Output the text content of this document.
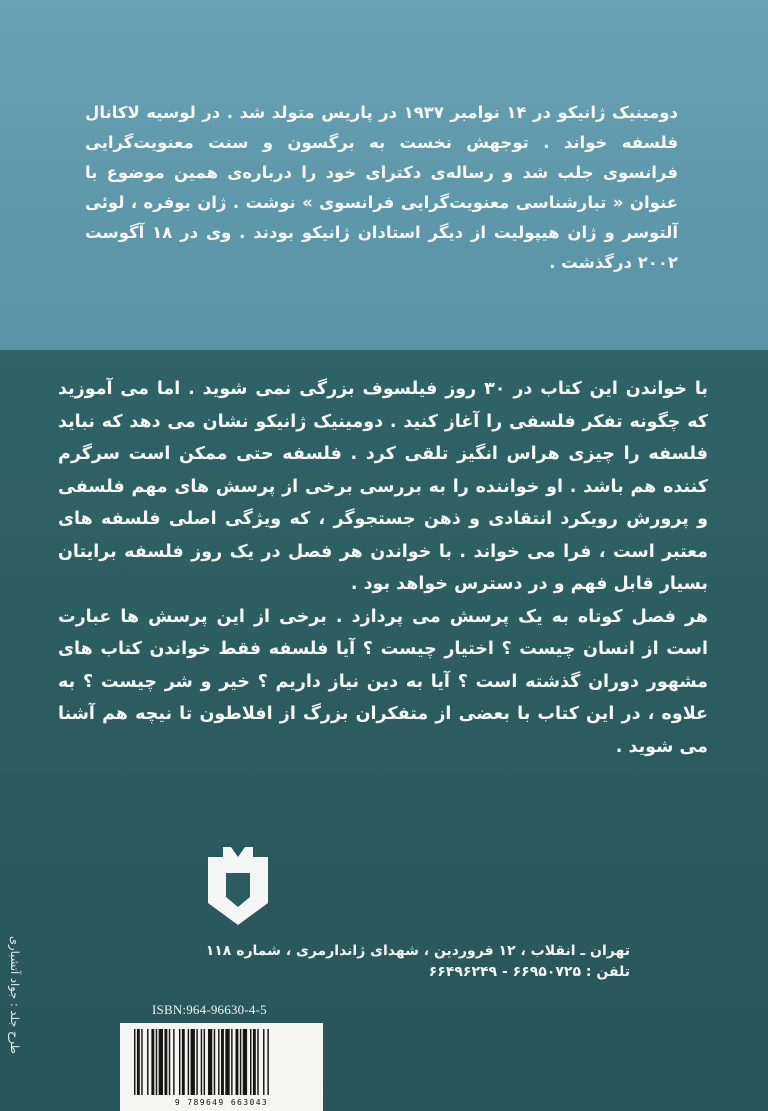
دومینیک ژانیکو در ۱۴ نوامبر ۱۹۳۷ در پاریس متولد شد . در لوسیه لاکانال فلسفه خواند . توجهش نخست به برگسون و سنت معنویت‌گرایی فرانسوی جلب شد و رساله‌ی دکترای خود را درباره‌ی همین موضوع با عنوان « تبارشناسی معنویت‌گرایی فرانسوی » نوشت . ژان بوفره ، لوئی آلتوسر و ژان هیپولیت از دیگر استادان ژانیکو بودند . وی در ۱۸ آگوست ۲۰۰۲ درگذشت .

با خواندن این کتاب در ۳۰ روز فیلسوف بزرگی نمی شوید . اما می آموزید که چگونه تفکر فلسفی را آغاز کنید . دومینیک ژانیکو نشان می دهد که نباید فلسفه را چیزی هراس انگیز تلقی کرد . فلسفه حتی ممکن است سرگرم کننده هم باشد . او خواننده را به بررسی برخی از پرسش های مهم فلسفی و پرورش رویکرد انتقادی و ذهن جستجوگر ، که ویژگی اصلی فلسفه های معتبر است ، فرا می خواند . با خواندن هر فصل در یک روز فلسفه برایتان بسیار قابل فهم و در دسترس خواهد بود .

هر فصل کوتاه به یک پرسش می پردازد . برخی از این پرسش ها عبارت است از انسان چیست ؟ اختیار چیست ؟ آیا فلسفه فقط خواندن کتاب های مشهور دوران گذشته است ؟ آیا به دین نیاز داریم ؟ خیر و شر چیست ؟ به علاوه ، در این کتاب با بعضی از متفکران بزرگ از افلاطون تا نیچه هم آشنا می شوید .

تهران ـ انقلاب ، ۱۲ فروردین ، شهدای ژاندارمری ، شماره ۱۱۸
تلفن : ۶۶۹۵۰۷۲۵ - ۶۶۴۹۶۲۴۹
طرح جلد : جواد آتشباری	ISBN:964-96630-4-5
9 789649 663043
